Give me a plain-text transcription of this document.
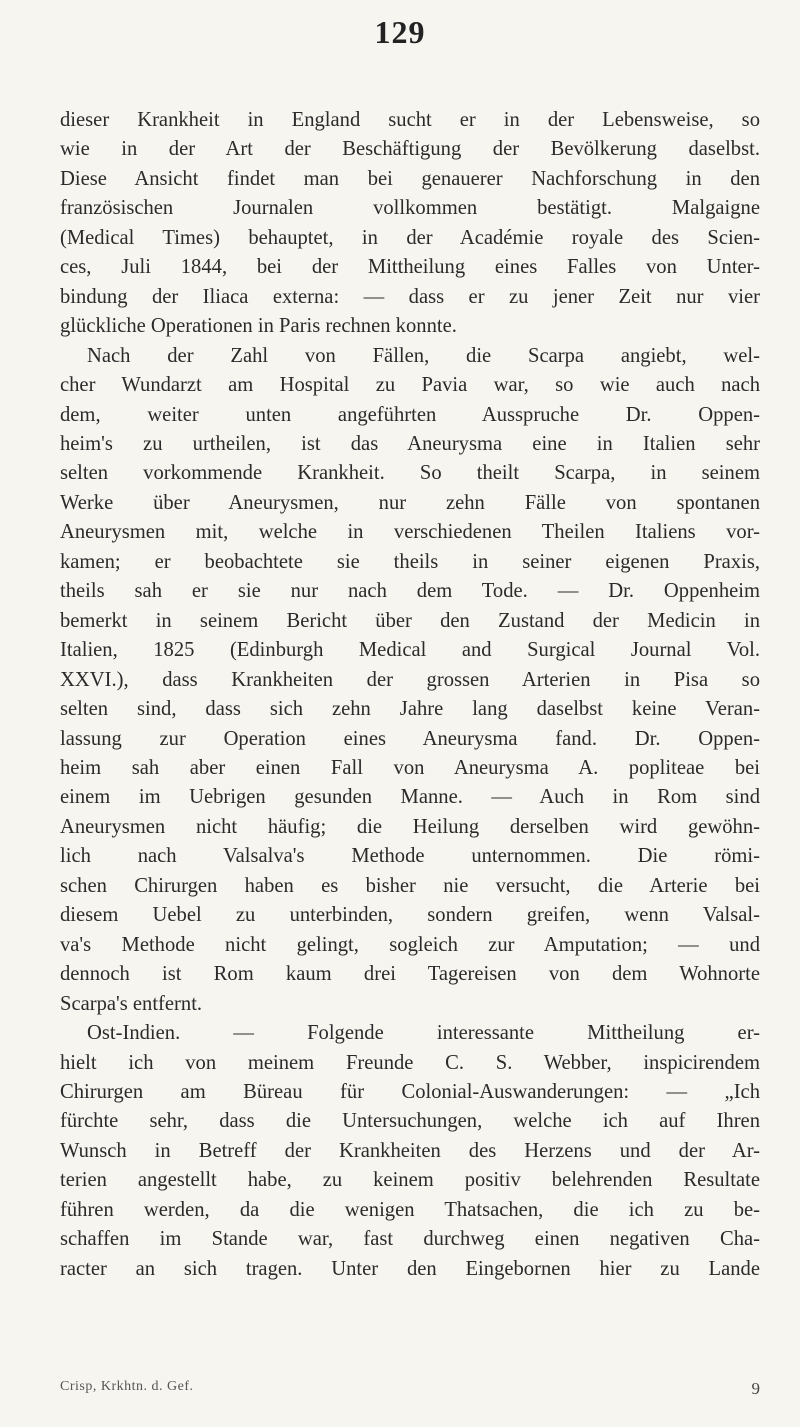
129
dieser Krankheit in England sucht er in der Lebensweise, so
wie in der Art der Beschäftigung der Bevölkerung daselbst.
Diese Ansicht findet man bei genauerer Nachforschung in den
französischen Journalen vollkommen bestätigt. Malgaigne
(Medical Times) behauptet, in der Académie royale des Scien-
ces, Juli 1844, bei der Mittheilung eines Falles von Unter-
bindung der Iliaca externa: — dass er zu jener Zeit nur vier
glückliche Operationen in Paris rechnen konnte.
Nach der Zahl von Fällen, die Scarpa angiebt, wel-
cher Wundarzt am Hospital zu Pavia war, so wie auch nach
dem, weiter unten angeführten Ausspruche Dr. Oppen-
heim's zu urtheilen, ist das Aneurysma eine in Italien sehr
selten vorkommende Krankheit. So theilt Scarpa, in seinem
Werke über Aneurysmen, nur zehn Fälle von spontanen
Aneurysmen mit, welche in verschiedenen Theilen Italiens vor-
kamen; er beobachtete sie theils in seiner eigenen Praxis,
theils sah er sie nur nach dem Tode. — Dr. Oppenheim
bemerkt in seinem Bericht über den Zustand der Medicin in
Italien, 1825 (Edinburgh Medical and Surgical Journal Vol.
XXVI.), dass Krankheiten der grossen Arterien in Pisa so
selten sind, dass sich zehn Jahre lang daselbst keine Veran-
lassung zur Operation eines Aneurysma fand. Dr. Oppen-
heim sah aber einen Fall von Aneurysma A. popliteae bei
einem im Uebrigen gesunden Manne. — Auch in Rom sind
Aneurysmen nicht häufig; die Heilung derselben wird gewöhn-
lich nach Valsalva's Methode unternommen. Die römi-
schen Chirurgen haben es bisher nie versucht, die Arterie bei
diesem Uebel zu unterbinden, sondern greifen, wenn Valsal-
va's Methode nicht gelingt, sogleich zur Amputation; — und
dennoch ist Rom kaum drei Tagereisen von dem Wohnorte
Scarpa's entfernt.
Ost-Indien. — Folgende interessante Mittheilung er-
hielt ich von meinem Freunde C. S. Webber, inspicirendem
Chirurgen am Büreau für Colonial-Auswanderungen: — „Ich
fürchte sehr, dass die Untersuchungen, welche ich auf Ihren
Wunsch in Betreff der Krankheiten des Herzens und der Ar-
terien angestellt habe, zu keinem positiv belehrenden Resultate
führen werden, da die wenigen Thatsachen, die ich zu be-
schaffen im Stande war, fast durchweg einen negativen Cha-
racter an sich tragen. Unter den Eingebornen hier zu Lande
Crisp, Krkhtn. d. Gef.	9
